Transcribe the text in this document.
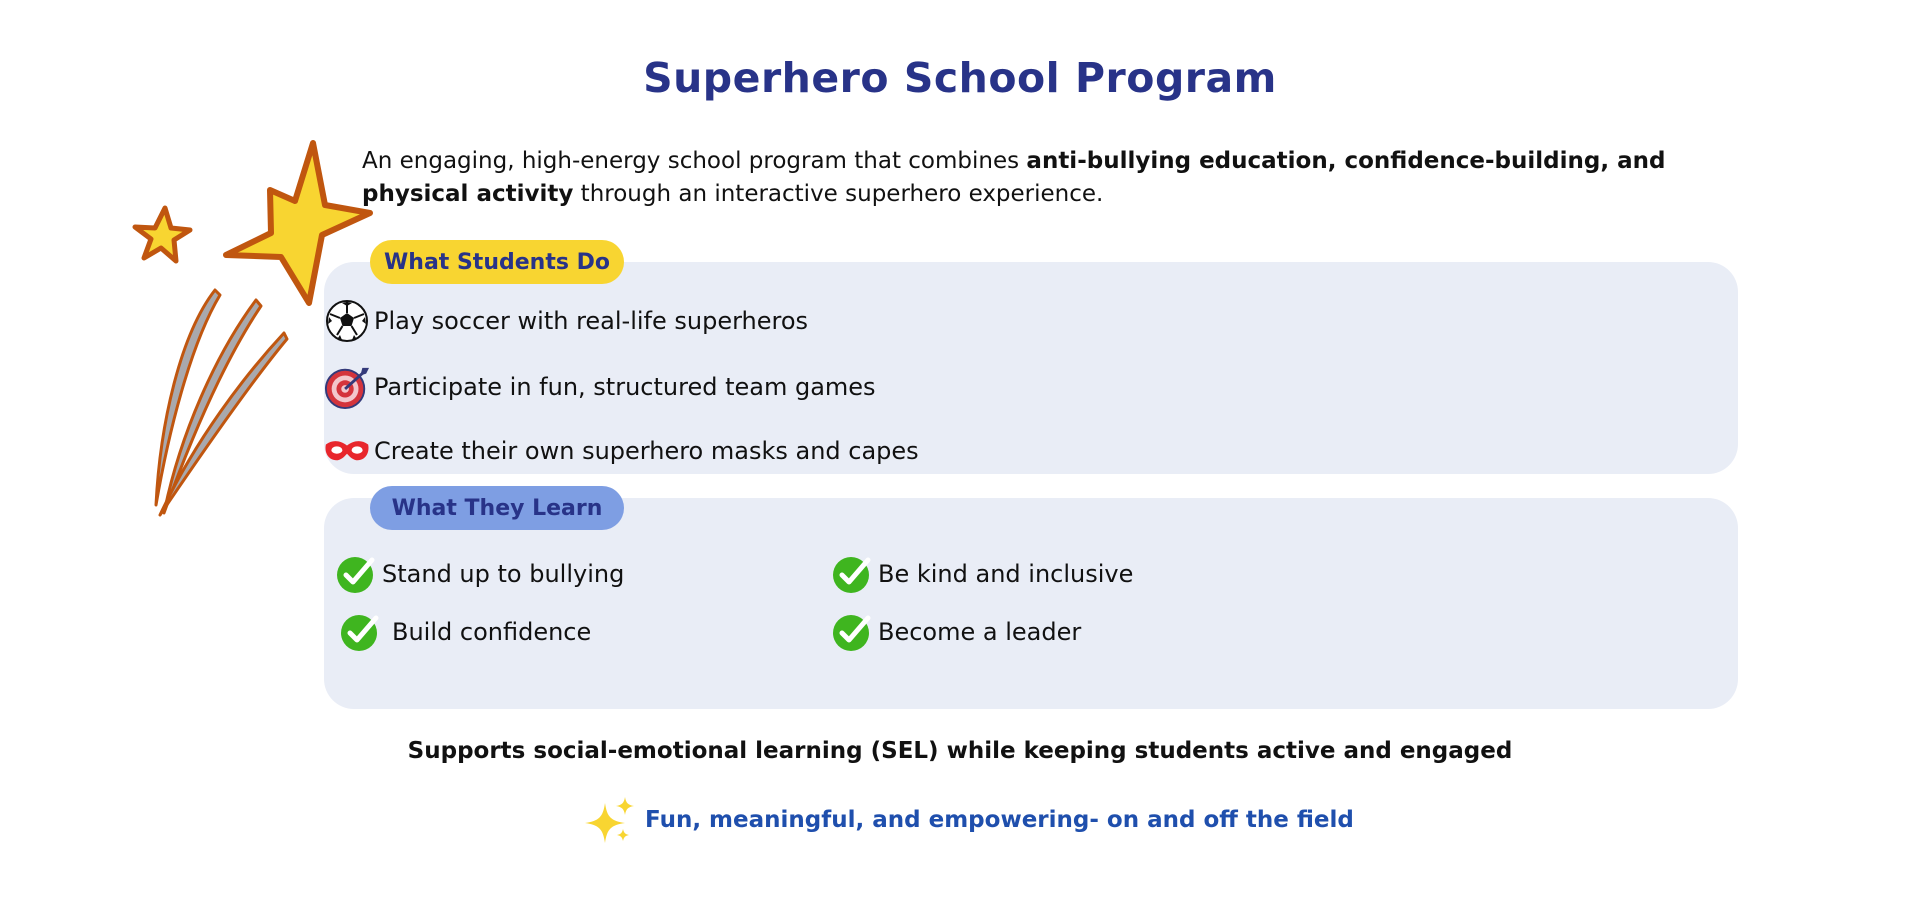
Superhero School Program

An engaging, high-energy school program that combines anti-bullying education, confidence-building, and physical activity through an interactive superhero experience.

What Students Do
Play soccer with real-life superheros
Participate in fun, structured team games
Create their own superhero masks and capes
What They Learn
Stand up to bullying	Be kind and inclusive
Build confidence	Become a leader
Supports social-emotional learning (SEL) while keeping students active and engaged
Fun, meaningful, and empowering- on and off the field
